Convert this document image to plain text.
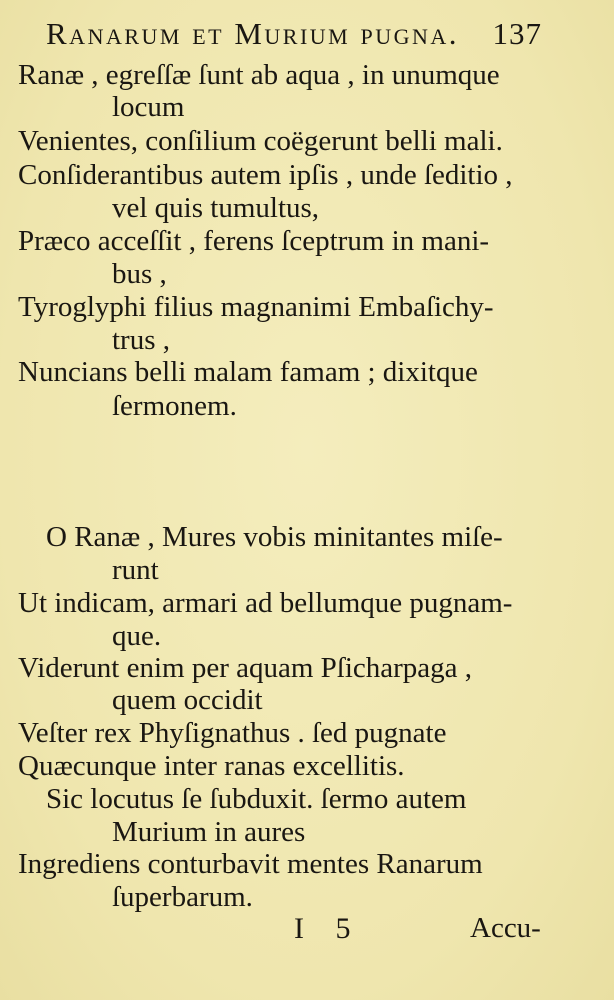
Ranarum et Murium pugna. 137
Ranæ , egreſſæ ſunt ab aqua , in unumque
locum
Venientes, conſilium coëgerunt belli mali.
Conſiderantibus autem ipſis , unde ſeditio ,
vel quis tumultus,
Præco acceſſit , ferens ſceptrum in mani-
bus ,
Tyroglyphi filius magnanimi Embaſichy-
trus ,
Nuncians belli malam famam ; dixitque
ſermonem.
O Ranæ , Mures vobis minitantes miſe-
runt
Ut indicam, armari ad bellumque pugnam-
que.
Viderunt enim per aquam Pſicharpaga ,
quem occidit
Veſter rex Phyſignathus . ſed pugnate
Quæcunque inter ranas excellitis.
Sic locutus ſe ſubduxit. ſermo autem
Murium in aures
Ingrediens conturbavit mentes Ranarum
ſuperbarum.
I 5	Accu-
